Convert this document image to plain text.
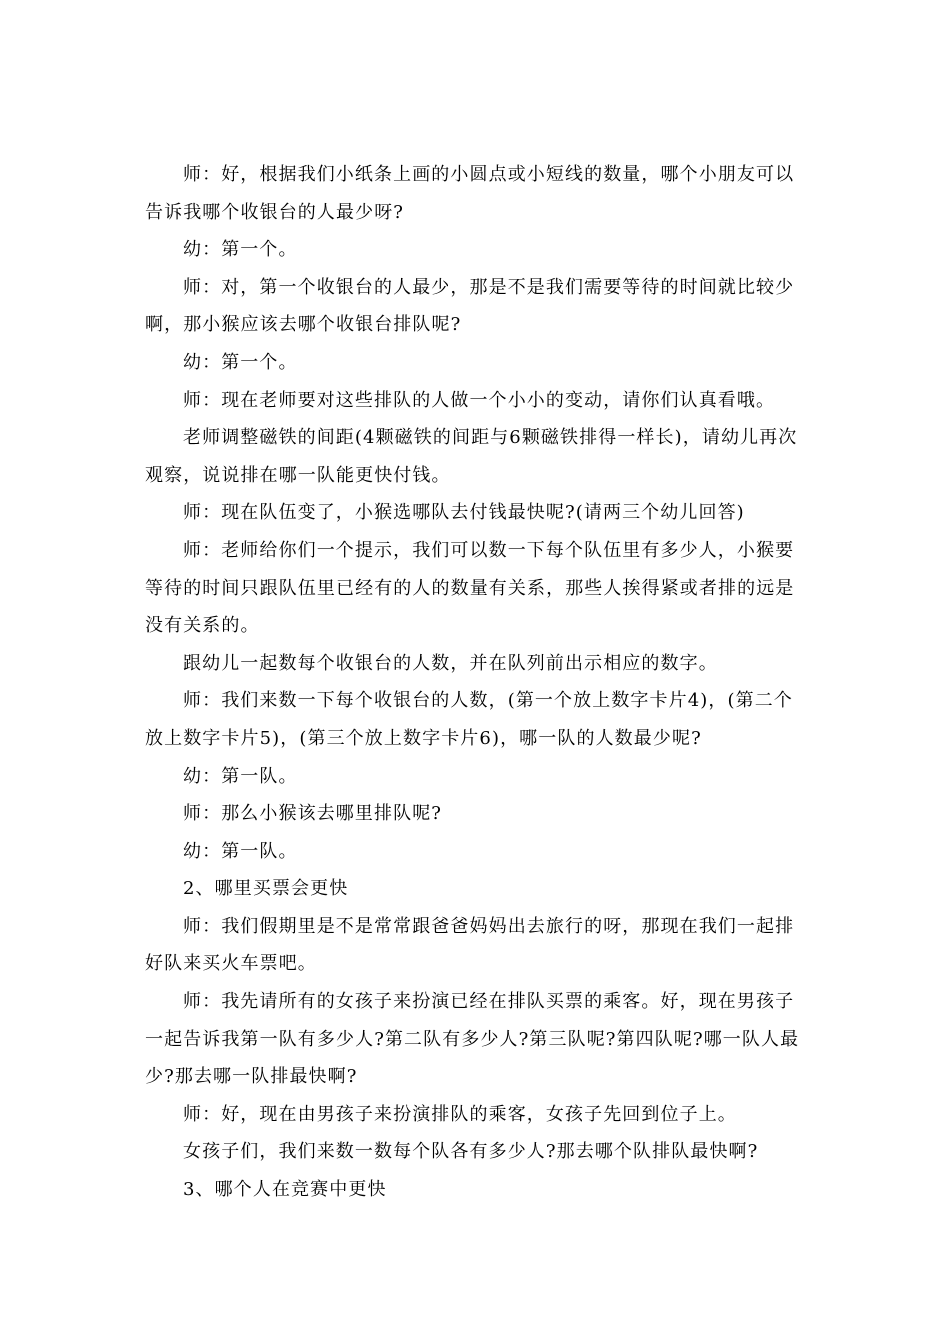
师：好，根据我们小纸条上画的小圆点或小短线的数量，哪个小朋友可以告诉我哪个收银台的人最少呀?

幼：第一个。

师：对，第一个收银台的人最少，那是不是我们需要等待的时间就比较少啊，那小猴应该去哪个收银台排队呢?

幼：第一个。

师：现在老师要对这些排队的人做一个小小的变动，请你们认真看哦。

老师调整磁铁的间距(4颗磁铁的间距与6颗磁铁排得一样长)，请幼儿再次观察，说说排在哪一队能更快付钱。

师：现在队伍变了，小猴选哪队去付钱最快呢?(请两三个幼儿回答)

师：老师给你们一个提示，我们可以数一下每个队伍里有多少人，小猴要等待的时间只跟队伍里已经有的人的数量有关系，那些人挨得紧或者排的远是没有关系的。

跟幼儿一起数每个收银台的人数，并在队列前出示相应的数字。

师：我们来数一下每个收银台的人数，(第一个放上数字卡片4)，(第二个放上数字卡片5)，(第三个放上数字卡片6)，哪一队的人数最少呢?

幼：第一队。

师：那么小猴该去哪里排队呢?

幼：第一队。

2、哪里买票会更快

师：我们假期里是不是常常跟爸爸妈妈出去旅行的呀，那现在我们一起排好队来买火车票吧。

师：我先请所有的女孩子来扮演已经在排队买票的乘客。好，现在男孩子一起告诉我第一队有多少人?第二队有多少人?第三队呢?第四队呢?哪一队人最少?那去哪一队排最快啊?

师：好，现在由男孩子来扮演排队的乘客，女孩子先回到位子上。

女孩子们，我们来数一数每个队各有多少人?那去哪个队排队最快啊?

3、哪个人在竞赛中更快
